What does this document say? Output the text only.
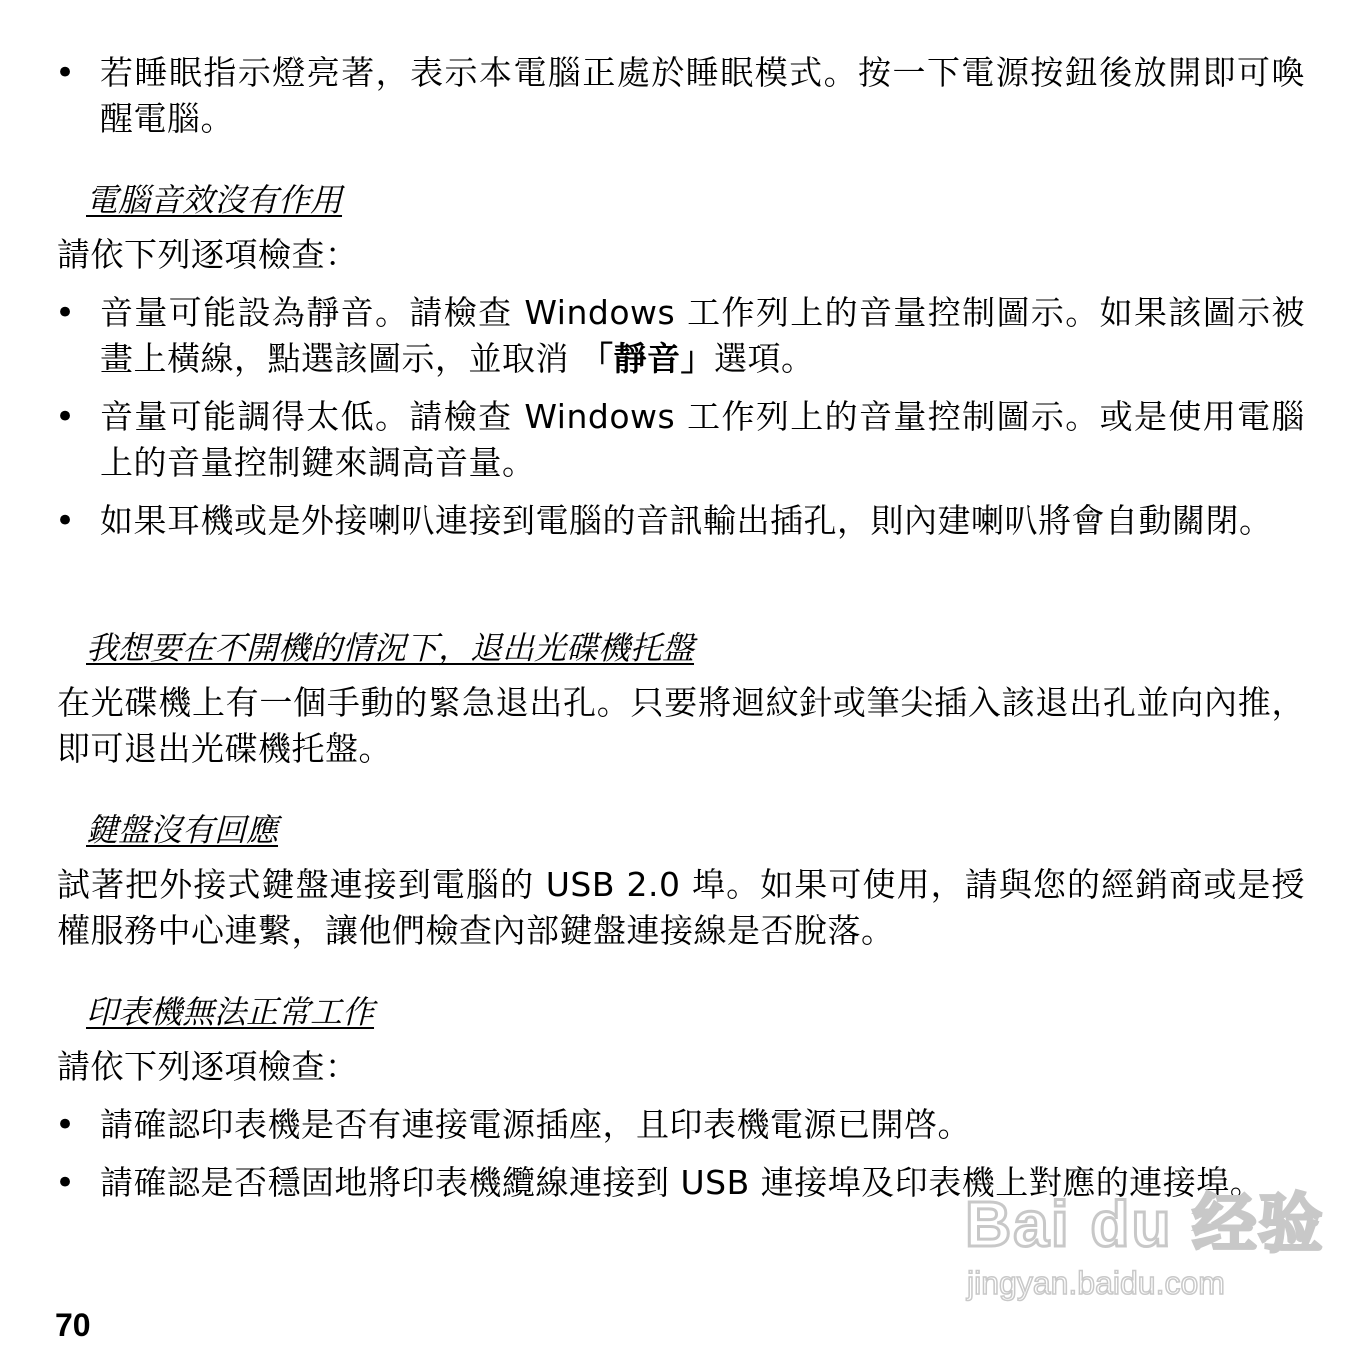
• 若睡眠指示燈亮著，表示本電腦正處於睡眠模式。按一下電源按鈕後放開即可喚醒電腦。
電腦音效沒有作用
請依下列逐項檢查：
• 音量可能設為靜音。請檢查 Windows 工作列上的音量控制圖示。如果該圖示被畫上橫線，點選該圖示，並取消 「靜音」選項。
• 音量可能調得太低。請檢查 Windows 工作列上的音量控制圖示。或是使用電腦上的音量控制鍵來調高音量。
• 如果耳機或是外接喇叭連接到電腦的音訊輸出插孔，則內建喇叭將會自動關閉。
我想要在不開機的情況下，退出光碟機托盤
在光碟機上有一個手動的緊急退出孔。只要將迴紋針或筆尖插入該退出孔並向內推，即可退出光碟機托盤。
鍵盤沒有回應
試著把外接式鍵盤連接到電腦的 USB 2.0 埠。如果可使用，請與您的經銷商或是授權服務中心連繫，讓他們檢查內部鍵盤連接線是否脫落。
印表機無法正常工作
請依下列逐項檢查：
• 請確認印表機是否有連接電源插座，且印表機電源已開啓。
• 請確認是否穩固地將印表機纜線連接到 USB 連接埠及印表機上對應的連接埠。
70
Bai du 经验
jingyan.baidu.com
